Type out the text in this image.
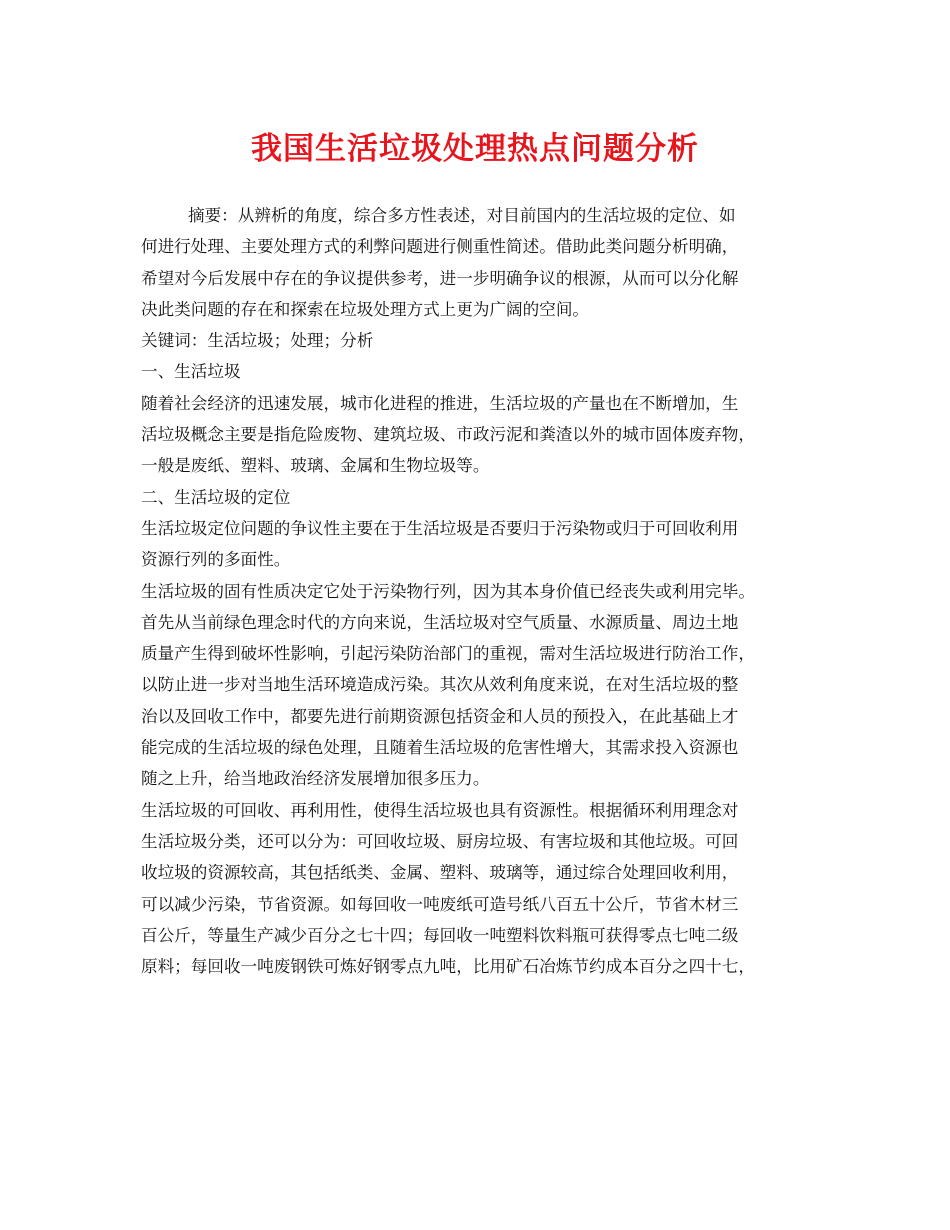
我国生活垃圾处理热点问题分析
摘要：从辨析的角度，综合多方性表述，对目前国内的生活垃圾的定位、如
何进行处理、主要处理方式的利弊问题进行侧重性简述。借助此类问题分析明确，
希望对今后发展中存在的争议提供参考，进一步明确争议的根源，从而可以分化解
决此类问题的存在和探索在垃圾处理方式上更为广阔的空间。
关键词：生活垃圾；处理；分析
一、生活垃圾
随着社会经济的迅速发展，城市化进程的推进，生活垃圾的产量也在不断增加，生
活垃圾概念主要是指危险废物、建筑垃圾、市政污泥和粪渣以外的城市固体废弃物，
一般是废纸、塑料、玻璃、金属和生物垃圾等。
二、生活垃圾的定位
生活垃圾定位问题的争议性主要在于生活垃圾是否要归于污染物或归于可回收利用
资源行列的多面性。
生活垃圾的固有性质决定它处于污染物行列，因为其本身价值已经丧失或利用完毕。
首先从当前绿色理念时代的方向来说，生活垃圾对空气质量、水源质量、周边土地
质量产生得到破坏性影响，引起污染防治部门的重视，需对生活垃圾进行防治工作，
以防止进一步对当地生活环境造成污染。其次从效利角度来说，在对生活垃圾的整
治以及回收工作中，都要先进行前期资源包括资金和人员的预投入，在此基础上才
能完成的生活垃圾的绿色处理，且随着生活垃圾的危害性增大，其需求投入资源也
随之上升，给当地政治经济发展增加很多压力。
生活垃圾的可回收、再利用性，使得生活垃圾也具有资源性。根据循环利用理念对
生活垃圾分类，还可以分为：可回收垃圾、厨房垃圾、有害垃圾和其他垃圾。可回
收垃圾的资源较高，其包括纸类、金属、塑料、玻璃等，通过综合处理回收利用，
可以减少污染，节省资源。如每回收一吨废纸可造号纸八百五十公斤，节省木材三
百公斤，等量生产减少百分之七十四；每回收一吨塑料饮料瓶可获得零点七吨二级
原料；每回收一吨废钢铁可炼好钢零点九吨，比用矿石冶炼节约成本百分之四十七，
